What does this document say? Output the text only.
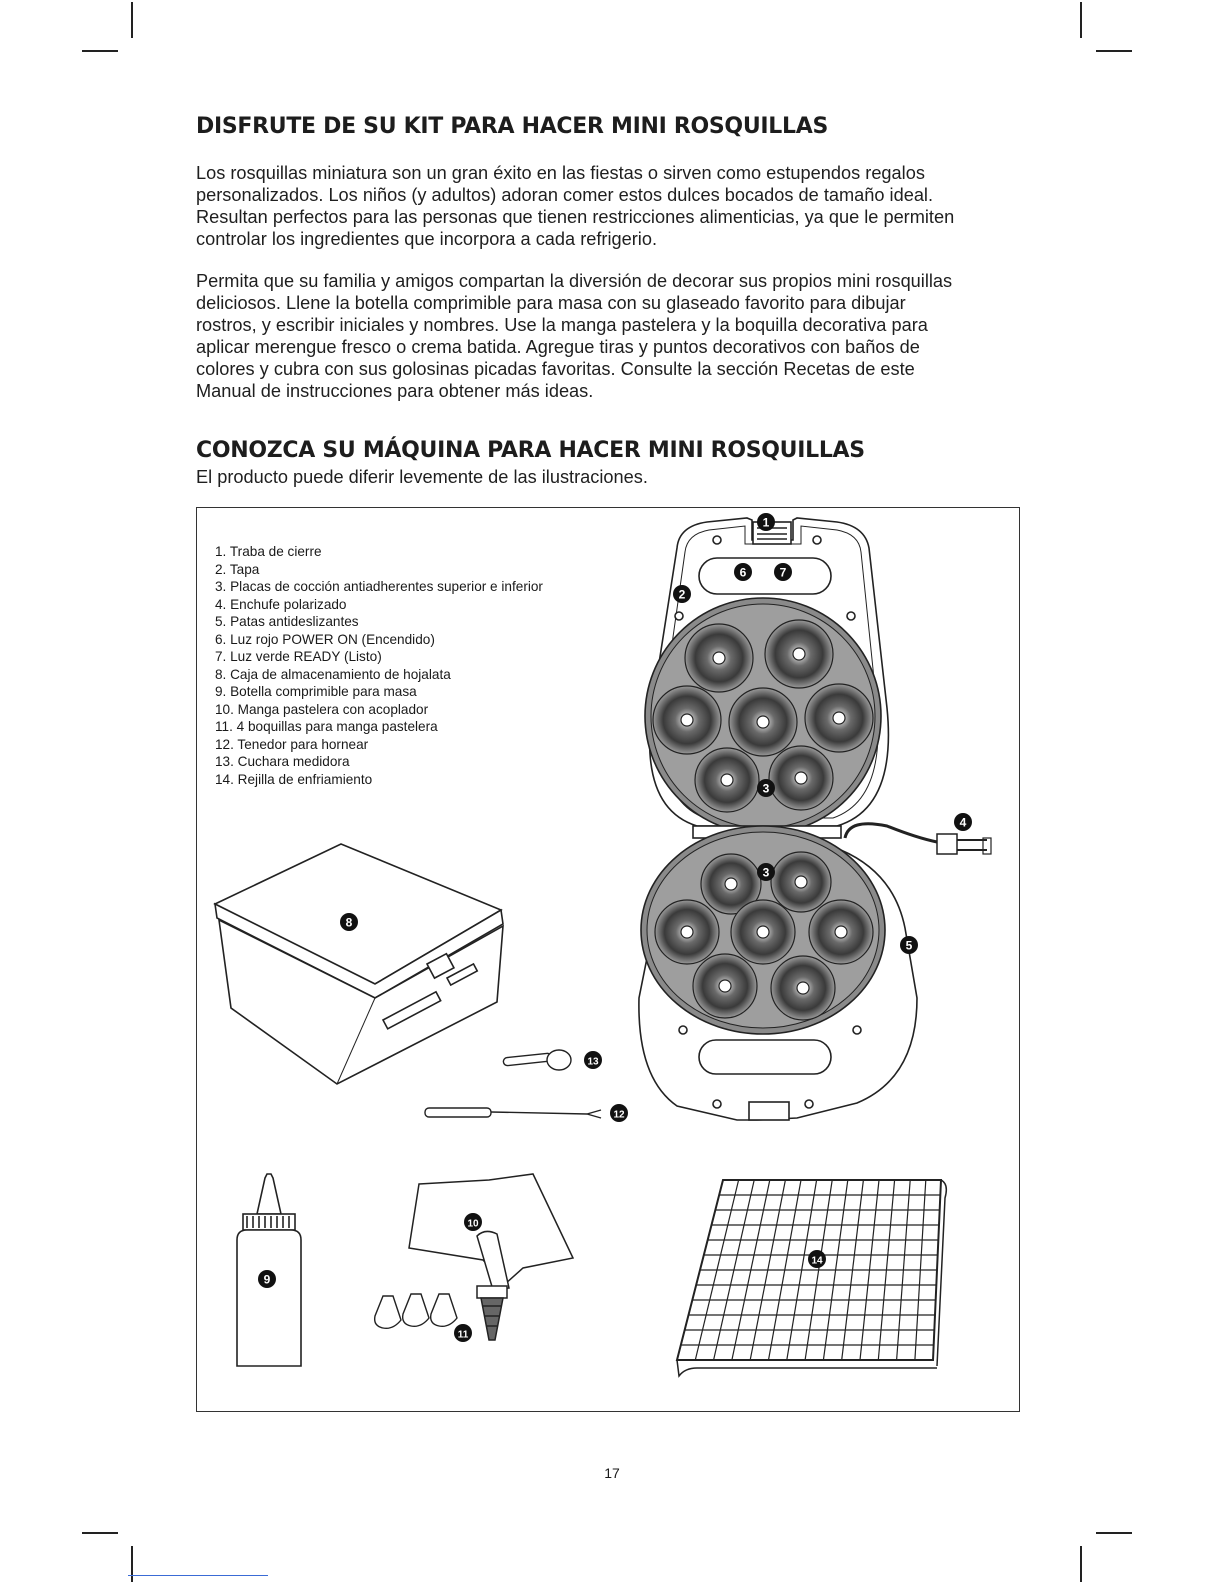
DISFRUTE DE SU KIT PARA HACER MINI ROSQUILLAS
Los rosquillas miniatura son un gran éxito en las fiestas o sirven como estupendos regalos
personalizados. Los niños (y adultos) adoran comer estos dulces bocados de tamaño ideal.
Resultan perfectos para las personas que tienen restricciones alimenticias, ya que le permiten
controlar los ingredientes que incorpora a cada refrigerio.
Permita que su familia y amigos compartan la diversión de decorar sus propios mini rosquillas
deliciosos. Llene la botella comprimible para masa con su glaseado favorito para dibujar
rostros, y escribir iniciales y nombres. Use la manga pastelera y la boquilla decorativa para
aplicar merengue fresco o crema batida. Agregue tiras y puntos decorativos con baños de
colores y cubra con sus golosinas picadas favoritas. Consulte la sección Recetas de este
Manual de instrucciones para obtener más ideas.
CONOZCA SU MÁQUINA PARA HACER MINI ROSQUILLAS

El producto puede diferir levemente de las ilustraciones.

1
2
3
3
4
5
6	7
8
9
10
11
12
13
14
1. Traba de cierre
2. Tapa
3. Placas de cocción antiadherentes superior e inferior
4. Enchufe polarizado
5. Patas antideslizantes
6. Luz rojo POWER ON (Encendido)
7. Luz verde READY (Listo)
8. Caja de almacenamiento de hojalata
9. Botella comprimible para masa
10. Manga pastelera con acoplador
11. 4 boquillas para manga pastelera
12. Tenedor para hornear
13. Cuchara medidora
14. Rejilla de enfriamiento
17
